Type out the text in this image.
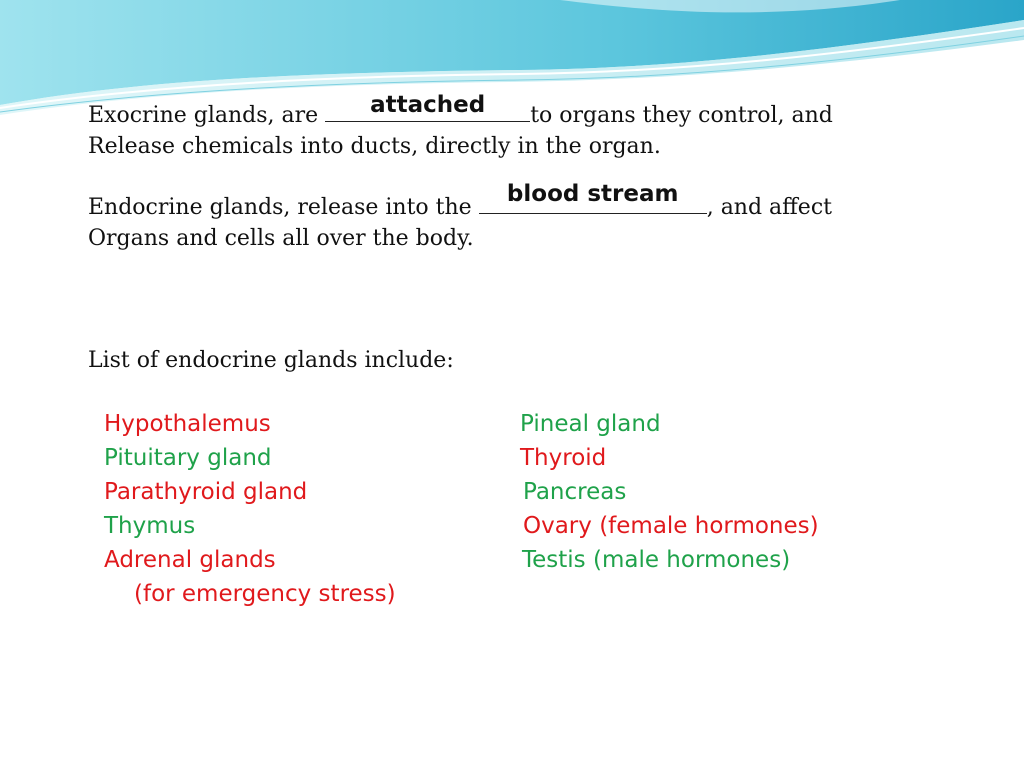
Exocrine glands, are	attached	to organs they control, and
Release chemicals into ducts, directly in the organ.
Endocrine glands, release into the
blood stream
, and affect
Organs and cells all over the body.
List of endocrine glands include:
Hypothalemus
Pituitary gland
Parathyroid gland
Thymus
Adrenal glands
(for emergency stress)
Pineal gland
Thyroid
Pancreas
Ovary (female hormones)
Testis (male hormones)
